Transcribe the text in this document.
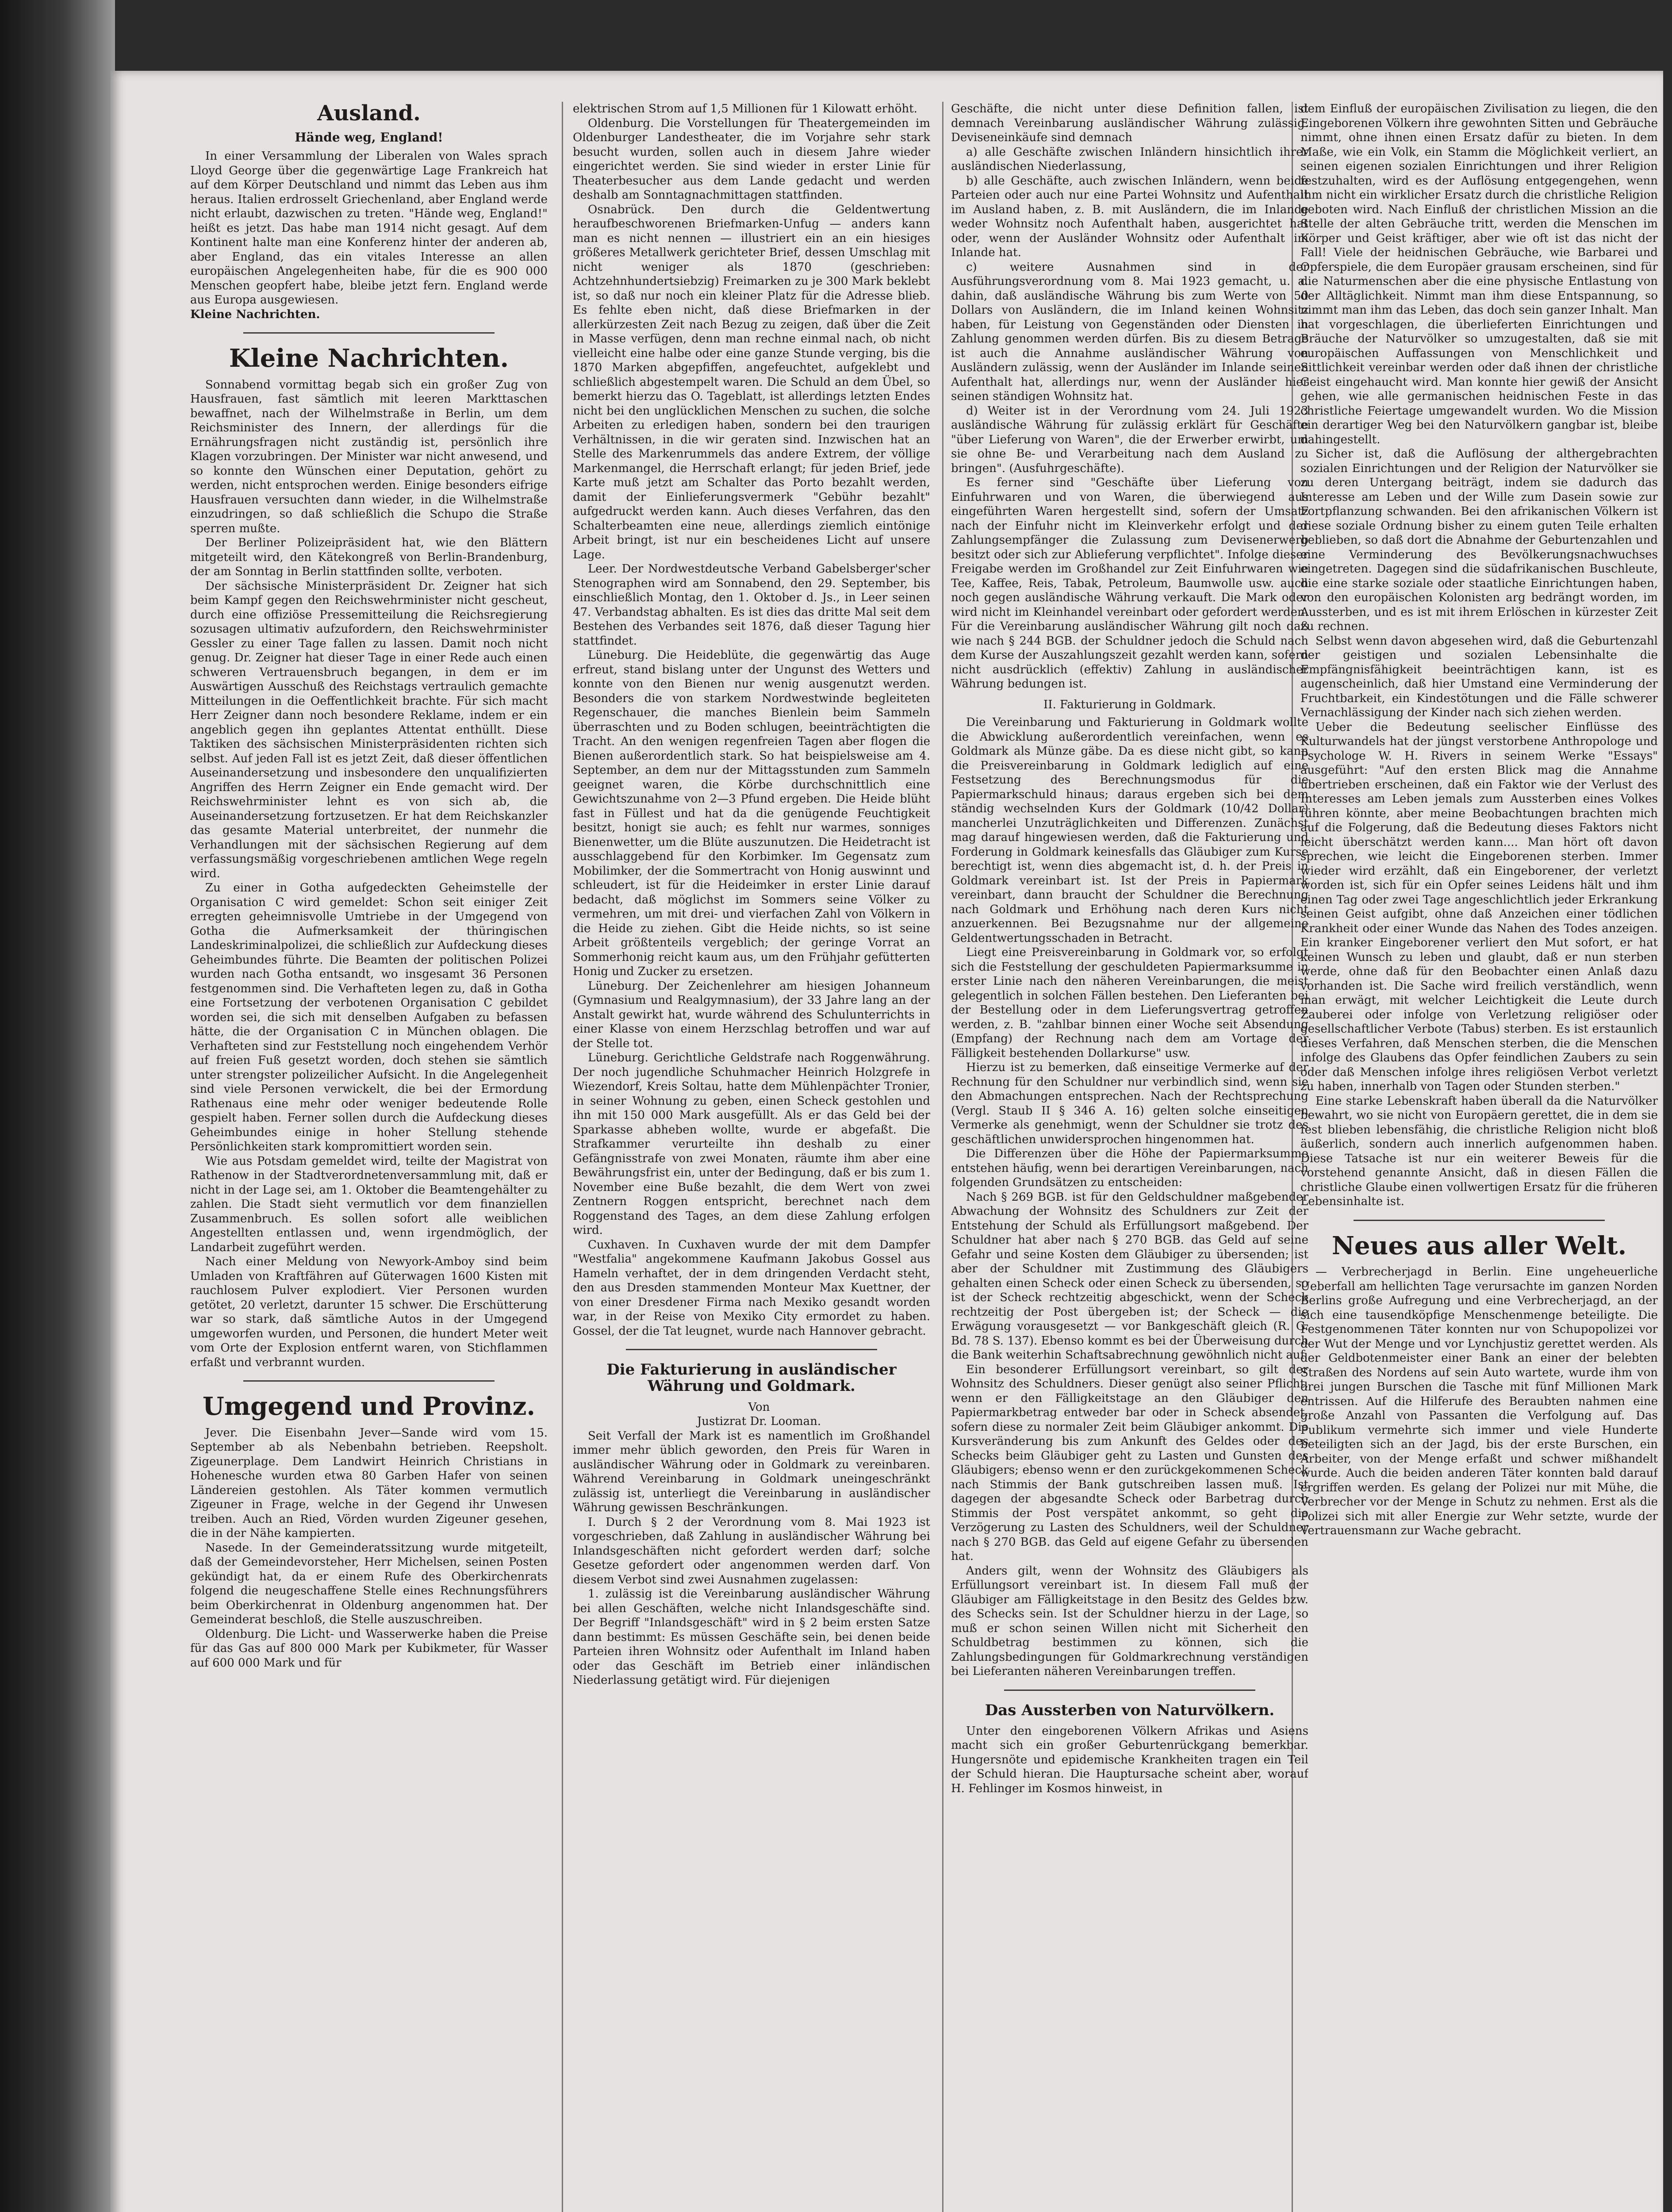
Ausland.
Hände weg, England!

In einer Versammlung der Liberalen von Wales sprach Lloyd George über die gegenwärtige Lage Frankreich hat auf dem Körper Deutschland und nimmt das Leben aus ihm heraus. Italien erdrosselt Griechenland, aber England werde nicht erlaubt, dazwischen zu treten. "Hände weg, England!" heißt es jetzt. Das habe man 1914 nicht gesagt. Auf dem Kontinent halte man eine Konferenz hinter der anderen ab, aber England, das ein vitales Interesse an allen europäischen Angelegenheiten habe, für die es 900 000 Menschen geopfert habe, bleibe jetzt fern. England werde aus Europa ausgewiesen.

Kleine Nachrichten.

Kleine Nachrichten.

Sonnabend vormittag begab sich ein großer Zug von Hausfrauen, fast sämtlich mit leeren Markttaschen bewaffnet, nach der Wilhelmstraße in Berlin, um dem Reichsminister des Innern, der allerdings für die Ernährungsfragen nicht zuständig ist, persönlich ihre Klagen vorzubringen. Der Minister war nicht anwesend, und so konnte den Wünschen einer Deputation, gehört zu werden, nicht entsprochen werden. Einige besonders eifrige Hausfrauen versuchten dann wieder, in die Wilhelmstraße einzudringen, so daß schließlich die Schupo die Straße sperren mußte.

Der Berliner Polizeipräsident hat, wie den Blättern mitgeteilt wird, den Kätekongreß von Berlin-Brandenburg, der am Sonntag in Berlin stattfinden sollte, verboten.

Der sächsische Ministerpräsident Dr. Zeigner hat sich beim Kampf gegen den Reichswehrminister nicht gescheut, durch eine offiziöse Pressemitteilung die Reichsregierung sozusagen ultimativ aufzufordern, den Reichswehrminister Gessler zu einer Tage fallen zu lassen. Damit noch nicht genug. Dr. Zeigner hat dieser Tage in einer Rede auch einen schweren Vertrauensbruch begangen, in dem er im Auswärtigen Ausschuß des Reichstags vertraulich gemachte Mitteilungen in die Oeffentlichkeit brachte. Für sich macht Herr Zeigner dann noch besondere Reklame, indem er ein angeblich gegen ihn geplantes Attentat enthüllt. Diese Taktiken des sächsischen Ministerpräsidenten richten sich selbst. Auf jeden Fall ist es jetzt Zeit, daß dieser öffentlichen Auseinandersetzung und insbesondere den unqualifizierten Angriffen des Herrn Zeigner ein Ende gemacht wird. Der Reichswehrminister lehnt es von sich ab, die Auseinandersetzung fortzusetzen. Er hat dem Reichskanzler das gesamte Material unterbreitet, der nunmehr die Verhandlungen mit der sächsischen Regierung auf dem verfassungsmäßig vorgeschriebenen amtlichen Wege regeln wird.

Zu einer in Gotha aufgedeckten Geheimstelle der Organisation C wird gemeldet: Schon seit einiger Zeit erregten geheimnisvolle Umtriebe in der Umgegend von Gotha die Aufmerksamkeit der thüringischen Landeskriminalpolizei, die schließlich zur Aufdeckung dieses Geheimbundes führte. Die Beamten der politischen Polizei wurden nach Gotha entsandt, wo insgesamt 36 Personen festgenommen sind. Die Verhafteten legen zu, daß in Gotha eine Fortsetzung der verbotenen Organisation C gebildet worden sei, die sich mit denselben Aufgaben zu befassen hätte, die der Organisation C in München oblagen. Die Verhafteten sind zur Feststellung noch eingehendem Verhör auf freien Fuß gesetzt worden, doch stehen sie sämtlich unter strengster polizeilicher Aufsicht. In die Angelegenheit sind viele Personen verwickelt, die bei der Ermordung Rathenaus eine mehr oder weniger bedeutende Rolle gespielt haben. Ferner sollen durch die Aufdeckung dieses Geheimbundes einige in hoher Stellung stehende Persönlichkeiten stark kompromittiert worden sein.

Wie aus Potsdam gemeldet wird, teilte der Magistrat von Rathenow in der Stadtverordnetenversammlung mit, daß er nicht in der Lage sei, am 1. Oktober die Beamtengehälter zu zahlen. Die Stadt sieht vermutlich vor dem finanziellen Zusammenbruch. Es sollen sofort alle weiblichen Angestellten entlassen und, wenn irgendmöglich, der Landarbeit zugeführt werden.

Nach einer Meldung von Newyork-Amboy sind beim Umladen von Kraftfähren auf Güterwagen 1600 Kisten mit rauchlosem Pulver explodiert. Vier Personen wurden getötet, 20 verletzt, darunter 15 schwer. Die Erschütterung war so stark, daß sämtliche Autos in der Umgegend umgeworfen wurden, und Personen, die hundert Meter weit vom Orte der Explosion entfernt waren, von Stichflammen erfaßt und verbrannt wurden.

Umgegend und Provinz.

Jever. Die Eisenbahn Jever—Sande wird vom 15. September ab als Nebenbahn betrieben. Reepsholt. Zigeunerplage. Dem Landwirt Heinrich Christians in Hohenesche wurden etwa 80 Garben Hafer von seinen Ländereien gestohlen. Als Täter kommen vermutlich Zigeuner in Frage, welche in der Gegend ihr Unwesen treiben. Auch an Ried, Vörden wurden Zigeuner gesehen, die in der Nähe kampierten.

Nasede. In der Gemeinderatssitzung wurde mitgeteilt, daß der Gemeindevorsteher, Herr Michelsen, seinen Posten gekündigt hat, da er einem Rufe des Oberkirchenrats folgend die neugeschaffene Stelle eines Rechnungsführers beim Oberkirchenrat in Oldenburg angenommen hat. Der Gemeinderat beschloß, die Stelle auszuschreiben.

Oldenburg. Die Licht- und Wasserwerke haben die Preise für das Gas auf 800 000 Mark per Kubikmeter, für Wasser auf 600 000 Mark und für

elektrischen Strom auf 1,5 Millionen für 1 Kilowatt erhöht.

Oldenburg. Die Vorstellungen für Theatergemeinden im Oldenburger Landestheater, die im Vorjahre sehr stark besucht wurden, sollen auch in diesem Jahre wieder eingerichtet werden. Sie sind wieder in erster Linie für Theaterbesucher aus dem Lande gedacht und werden deshalb am Sonntagnachmittagen stattfinden.

Osnabrück. Den durch die Geldentwertung heraufbeschworenen Briefmarken-Unfug — anders kann man es nicht nennen — illustriert ein an ein hiesiges größeres Metallwerk gerichteter Brief, dessen Umschlag mit nicht weniger als 1870 (geschrieben: Achtzehnhundertsiebzig) Freimarken zu je 300 Mark beklebt ist, so daß nur noch ein kleiner Platz für die Adresse blieb. Es fehlte eben nicht, daß diese Briefmarken in der allerkürzesten Zeit nach Bezug zu zeigen, daß über die Zeit in Masse verfügen, denn man rechne einmal nach, ob nicht vielleicht eine halbe oder eine ganze Stunde verging, bis die 1870 Marken abgepfiffen, angefeuchtet, aufgeklebt und schließlich abgestempelt waren. Die Schuld an dem Übel, so bemerkt hierzu das O. Tageblatt, ist allerdings letzten Endes nicht bei den unglücklichen Menschen zu suchen, die solche Arbeiten zu erledigen haben, sondern bei den traurigen Verhältnissen, in die wir geraten sind. Inzwischen hat an Stelle des Markenrummels das andere Extrem, der völlige Markenmangel, die Herrschaft erlangt; für jeden Brief, jede Karte muß jetzt am Schalter das Porto bezahlt werden, damit der Einlieferungsvermerk "Gebühr bezahlt" aufgedruckt werden kann. Auch dieses Verfahren, das den Schalterbeamten eine neue, allerdings ziemlich eintönige Arbeit bringt, ist nur ein bescheidenes Licht auf unsere Lage.

Leer. Der Nordwestdeutsche Verband Gabelsberger'scher Stenographen wird am Sonnabend, den 29. September, bis einschließlich Montag, den 1. Oktober d. Js., in Leer seinen 47. Verbandstag abhalten. Es ist dies das dritte Mal seit dem Bestehen des Verbandes seit 1876, daß dieser Tagung hier stattfindet.

Lüneburg. Die Heideblüte, die gegenwärtig das Auge erfreut, stand bislang unter der Ungunst des Wetters und konnte von den Bienen nur wenig ausgenutzt werden. Besonders die von starkem Nordwestwinde begleiteten Regenschauer, die manches Bienlein beim Sammeln überraschten und zu Boden schlugen, beeinträchtigten die Tracht. An den wenigen regenfreien Tagen aber flogen die Bienen außerordentlich stark. So hat beispielsweise am 4. September, an dem nur der Mittagsstunden zum Sammeln geeignet waren, die Körbe durchschnittlich eine Gewichtszunahme von 2—3 Pfund ergeben. Die Heide blüht fast in Füllest und hat da die genügende Feuchtigkeit besitzt, honigt sie auch; es fehlt nur warmes, sonniges Bienenwetter, um die Blüte auszunutzen. Die Heidetracht ist ausschlaggebend für den Korbimker. Im Gegensatz zum Mobilimker, der die Sommertracht von Honig auswinnt und schleudert, ist für die Heideimker in erster Linie darauf bedacht, daß möglichst im Sommers seine Völker zu vermehren, um mit drei- und vierfachen Zahl von Völkern in die Heide zu ziehen. Gibt die Heide nichts, so ist seine Arbeit größtenteils vergeblich; der geringe Vorrat an Sommerhonig reicht kaum aus, um den Frühjahr gefütterten Honig und Zucker zu ersetzen.

Lüneburg. Der Zeichenlehrer am hiesigen Johanneum (Gymnasium und Realgymnasium), der 33 Jahre lang an der Anstalt gewirkt hat, wurde während des Schulunterrichts in einer Klasse von einem Herzschlag betroffen und war auf der Stelle tot.

Lüneburg. Gerichtliche Geldstrafe nach Roggenwährung. Der noch jugendliche Schuhmacher Heinrich Holzgrefe in Wiezendorf, Kreis Soltau, hatte dem Mühlenpächter Tronier, in seiner Wohnung zu geben, einen Scheck gestohlen und ihn mit 150 000 Mark ausgefüllt. Als er das Geld bei der Sparkasse abheben wollte, wurde er abgefaßt. Die Strafkammer verurteilte ihn deshalb zu einer Gefängnisstrafe von zwei Monaten, räumte ihm aber eine Bewährungsfrist ein, unter der Bedingung, daß er bis zum 1. November eine Buße bezahlt, die dem Wert von zwei Zentnern Roggen entspricht, berechnet nach dem Roggenstand des Tages, an dem diese Zahlung erfolgen wird.

Cuxhaven. In Cuxhaven wurde der mit dem Dampfer "Westfalia" angekommene Kaufmann Jakobus Gossel aus Hameln verhaftet, der in dem dringenden Verdacht steht, den aus Dresden stammenden Monteur Max Kuettner, der von einer Dresdener Firma nach Mexiko gesandt worden war, in der Reise von Mexiko City ermordet zu haben. Gossel, der die Tat leugnet, wurde nach Hannover gebracht.

Die Fakturierung in ausländischer Währung und Goldmark.

Von

Justizrat Dr. Looman.

Seit Verfall der Mark ist es namentlich im Großhandel immer mehr üblich geworden, den Preis für Waren in ausländischer Währung oder in Goldmark zu vereinbaren. Während Vereinbarung in Goldmark uneingeschränkt zulässig ist, unterliegt die Vereinbarung in ausländischer Währung gewissen Beschränkungen.

I. Durch § 2 der Verordnung vom 8. Mai 1923 ist vorgeschrieben, daß Zahlung in ausländischer Währung bei Inlandsgeschäften nicht gefordert werden darf; solche Gesetze gefordert oder angenommen werden darf. Von diesem Verbot sind zwei Ausnahmen zugelassen:

1. zulässig ist die Vereinbarung ausländischer Währung bei allen Geschäften, welche nicht Inlandsgeschäfte sind. Der Begriff "Inlandsgeschäft" wird in § 2 beim ersten Satze dann bestimmt: Es müssen Geschäfte sein, bei denen beide Parteien ihren Wohnsitz oder Aufenthalt im Inland haben oder das Geschäft im Betrieb einer inländischen Niederlassung getätigt wird. Für diejenigen

Geschäfte, die nicht unter diese Definition fallen, ist demnach Vereinbarung ausländischer Währung zulässig. Deviseneinkäufe sind demnach

a) alle Geschäfte zwischen Inländern hinsichtlich ihrer ausländischen Niederlassung,

b) alle Geschäfte, auch zwischen Inländern, wenn beide Parteien oder auch nur eine Partei Wohnsitz und Aufenthalt im Ausland haben, z. B. mit Ausländern, die im Inlande weder Wohnsitz noch Aufenthalt haben, ausgerichtet hat oder, wenn der Ausländer Wohnsitz oder Aufenthalt im Inlande hat.

c) weitere Ausnahmen sind in der Ausführungsverordnung vom 8. Mai 1923 gemacht, u. a. dahin, daß ausländische Währung bis zum Werte von 50 Dollars von Ausländern, die im Inland keinen Wohnsitz haben, für Leistung von Gegenständen oder Diensten in Zahlung genommen werden dürfen. Bis zu diesem Betrage ist auch die Annahme ausländischer Währung von Ausländern zulässig, wenn der Ausländer im Inlande seinen Aufenthalt hat, allerdings nur, wenn der Ausländer hier seinen ständigen Wohnsitz hat.

d) Weiter ist in der Verordnung vom 24. Juli 1923 ausländische Währung für zulässig erklärt für Geschäfte "über Lieferung von Waren", die der Erwerber erwirbt, um sie ohne Be- und Verarbeitung nach dem Ausland zu bringen". (Ausfuhrgeschäfte).

Es ferner sind "Geschäfte über Lieferung von Einfuhrwaren und von Waren, die überwiegend aus eingeführten Waren hergestellt sind, sofern der Umsatz nach der Einfuhr nicht im Kleinverkehr erfolgt und der Zahlungsempfänger die Zulassung zum Devisenerwerb besitzt oder sich zur Ablieferung verpflichtet". Infolge dieser Freigabe werden im Großhandel zur Zeit Einfuhrwaren wie Tee, Kaffee, Reis, Tabak, Petroleum, Baumwolle usw. auch noch gegen ausländische Währung verkauft. Die Mark oder wird nicht im Kleinhandel vereinbart oder gefordert werden. Für die Vereinbarung ausländischer Währung gilt noch daß wie nach § 244 BGB. der Schuldner jedoch die Schuld nach dem Kurse der Auszahlungszeit gezahlt werden kann, sofern nicht ausdrücklich (effektiv) Zahlung in ausländischer Währung bedungen ist.

II. Fakturierung in Goldmark.

Die Vereinbarung und Fakturierung in Goldmark wollte die Abwicklung außerordentlich vereinfachen, wenn es Goldmark als Münze gäbe. Da es diese nicht gibt, so kann die Preisvereinbarung in Goldmark lediglich auf eine Festsetzung des Berechnungsmodus für die Papiermarkschuld hinaus; daraus ergeben sich bei dem ständig wechselnden Kurs der Goldmark (10/42 Dollar) mancherlei Unzuträglichkeiten und Differenzen. Zunächst mag darauf hingewiesen werden, daß die Fakturierung und Forderung in Goldmark keinesfalls das Gläubiger zum Kurse berechtigt ist, wenn dies abgemacht ist, d. h. der Preis in Goldmark vereinbart ist. Ist der Preis in Papiermark vereinbart, dann braucht der Schuldner die Berechnung nach Goldmark und Erhöhung nach deren Kurs nicht anzuerkennen. Bei Bezugsnahme nur der allgemeine Geldentwertungsschaden in Betracht.

Liegt eine Preisvereinbarung in Goldmark vor, so erfolgt sich die Feststellung der geschuldeten Papiermarksumme in erster Linie nach den näheren Vereinbarungen, die meist gelegentlich in solchen Fällen bestehen. Den Lieferanten bei der Bestellung oder in dem Lieferungsvertrag getroffen werden, z. B. "zahlbar binnen einer Woche seit Absendung (Empfang) der Rechnung nach dem am Vortage der Fälligkeit bestehenden Dollarkurse" usw.

Hierzu ist zu bemerken, daß einseitige Vermerke auf der Rechnung für den Schuldner nur verbindlich sind, wenn sie den Abmachungen entsprechen. Nach der Rechtsprechung (Vergl. Staub II § 346 A. 16) gelten solche einseitigen Vermerke als genehmigt, wenn der Schuldner sie trotz des geschäftlichen unwidersprochen hingenommen hat.

Die Differenzen über die Höhe der Papiermarksumme entstehen häufig, wenn bei derartigen Vereinbarungen, nach folgenden Grundsätzen zu entscheiden:

Nach § 269 BGB. ist für den Geldschuldner maßgebender Abwachung der Wohnsitz des Schuldners zur Zeit der Entstehung der Schuld als Erfüllungsort maßgebend. Der Schuldner hat aber nach § 270 BGB. das Geld auf seine Gefahr und seine Kosten dem Gläubiger zu übersenden; ist aber der Schuldner mit Zustimmung des Gläubigers gehalten einen Scheck oder einen Scheck zu übersenden, so ist der Scheck rechtzeitig abgeschickt, wenn der Scheck rechtzeitig der Post übergeben ist; der Scheck — die Erwägung vorausgesetzt — vor Bankgeschäft gleich (R. G. Bd. 78 S. 137). Ebenso kommt es bei der Überweisung durch die Bank weiterhin Schaftsabrechnung gewöhnlich nicht auf.

Ein besonderer Erfüllungsort vereinbart, so gilt der Wohnsitz des Schuldners. Dieser genügt also seiner Pflicht, wenn er den Fälligkeitstage an den Gläubiger den Papiermarkbetrag entweder bar oder in Scheck absendet, sofern diese zu normaler Zeit beim Gläubiger ankommt. Die Kursveränderung bis zum Ankunft des Geldes oder des Schecks beim Gläubiger geht zu Lasten und Gunsten des Gläubigers; ebenso wenn er den zurückgekommenen Scheck nach Stimmis der Bank gutschreiben lassen muß. Ist dagegen der abgesandte Scheck oder Barbetrag durch Stimmis der Post verspätet ankommt, so geht die Verzögerung zu Lasten des Schuldners, weil der Schuldner nach § 270 BGB. das Geld auf eigene Gefahr zu übersenden hat.

Anders gilt, wenn der Wohnsitz des Gläubigers als Erfüllungsort vereinbart ist. In diesem Fall muß der Gläubiger am Fälligkeitstage in den Besitz des Geldes bzw. des Schecks sein. Ist der Schuldner hierzu in der Lage, so muß er schon seinen Willen nicht mit Sicherheit den Schuldbetrag bestimmen zu können, sich die Zahlungsbedingungen für Goldmarkrechnung verständigen bei Lieferanten näheren Vereinbarungen treffen.

Das Aussterben von Naturvölkern.

Unter den eingeborenen Völkern Afrikas und Asiens macht sich ein großer Geburtenrückgang bemerkbar. Hungersnöte und epidemische Krankheiten tragen ein Teil der Schuld hieran. Die Hauptursache scheint aber, worauf H. Fehlinger im Kosmos hinweist, in

dem Einfluß der europäischen Zivilisation zu liegen, die den Eingeborenen Völkern ihre gewohnten Sitten und Gebräuche nimmt, ohne ihnen einen Ersatz dafür zu bieten. In dem Maße, wie ein Volk, ein Stamm die Möglichkeit verliert, an seinen eigenen sozialen Einrichtungen und ihrer Religion festzuhalten, wird es der Auflösung entgegengehen, wenn ihm nicht ein wirklicher Ersatz durch die christliche Religion geboten wird. Nach Einfluß der christlichen Mission an die Stelle der alten Gebräuche tritt, werden die Menschen im Körper und Geist kräftiger, aber wie oft ist das nicht der Fall! Viele der heidnischen Gebräuche, wie Barbarei und Opferspiele, die dem Europäer grausam erscheinen, sind für die Naturmenschen aber die eine physische Entlastung von der Alltäglichkeit. Nimmt man ihm diese Entspannung, so nimmt man ihm das Leben, das doch sein ganzer Inhalt. Man hat vorgeschlagen, die überlieferten Einrichtungen und Bräuche der Naturvölker so umzugestalten, daß sie mit europäischen Auffassungen von Menschlichkeit und Sittlichkeit vereinbar werden oder daß ihnen der christliche Geist eingehaucht wird. Man konnte hier gewiß der Ansicht gehen, wie alle germanischen heidnischen Feste in das christliche Feiertage umgewandelt wurden. Wo die Mission ein derartiger Weg bei den Naturvölkern gangbar ist, bleibe dahingestellt.

Sicher ist, daß die Auflösung der althergebrachten sozialen Einrichtungen und der Religion der Naturvölker sie zu deren Untergang beiträgt, indem sie dadurch das Interesse am Leben und der Wille zum Dasein sowie zur Fortpflanzung schwanden. Bei den afrikanischen Völkern ist diese soziale Ordnung bisher zu einem guten Teile erhalten geblieben, so daß dort die Abnahme der Geburtenzahlen und eine Verminderung des Bevölkerungsnachwuchses eingetreten. Dagegen sind die südafrikanischen Buschleute, die eine starke soziale oder staatliche Einrichtungen haben, von den europäischen Kolonisten arg bedrängt worden, im Aussterben, und es ist mit ihrem Erlöschen in kürzester Zeit zu rechnen.

Selbst wenn davon abgesehen wird, daß die Geburtenzahl der geistigen und sozialen Lebensinhalte die Empfängnisfähigkeit beeinträchtigen kann, ist es augenscheinlich, daß hier Umstand eine Verminderung der Fruchtbarkeit, ein Kindestötungen und die Fälle schwerer Vernachlässigung der Kinder nach sich ziehen werden.

Ueber die Bedeutung seelischer Einflüsse des Kulturwandels hat der jüngst verstorbene Anthropologe und Psychologe W. H. Rivers in seinem Werke "Essays" ausgeführt: "Auf den ersten Blick mag die Annahme übertrieben erscheinen, daß ein Faktor wie der Verlust des Interesses am Leben jemals zum Aussterben eines Volkes führen könnte, aber meine Beobachtungen brachten mich auf die Folgerung, daß die Bedeutung dieses Faktors nicht leicht überschätzt werden kann.... Man hört oft davon sprechen, wie leicht die Eingeborenen sterben. Immer wieder wird erzählt, daß ein Eingeborener, der verletzt worden ist, sich für ein Opfer seines Leidens hält und ihm einen Tag oder zwei Tage angeschlichtlich jeder Erkrankung seinen Geist aufgibt, ohne daß Anzeichen einer tödlichen Krankheit oder einer Wunde das Nahen des Todes anzeigen. Ein kranker Eingeborener verliert den Mut sofort, er hat keinen Wunsch zu leben und glaubt, daß er nun sterben werde, ohne daß für den Beobachter einen Anlaß dazu vorhanden ist. Die Sache wird freilich verständlich, wenn man erwägt, mit welcher Leichtigkeit die Leute durch Zauberei oder infolge von Verletzung religiöser oder gesellschaftlicher Verbote (Tabus) sterben. Es ist erstaunlich dieses Verfahren, daß Menschen sterben, die die Menschen infolge des Glaubens das Opfer feindlichen Zaubers zu sein oder daß Menschen infolge ihres religiösen Verbot verletzt zu haben, innerhalb von Tagen oder Stunden sterben."

Eine starke Lebenskraft haben überall da die Naturvölker bewahrt, wo sie nicht von Europäern gerettet, die in dem sie fest blieben lebensfähig, die christliche Religion nicht bloß äußerlich, sondern auch innerlich aufgenommen haben. Diese Tatsache ist nur ein weiterer Beweis für die vorstehend genannte Ansicht, daß in diesen Fällen die christliche Glaube einen vollwertigen Ersatz für die früheren Lebensinhalte ist.

Neues aus aller Welt.

— Verbrecherjagd in Berlin. Eine ungeheuerliche Ueberfall am hellichten Tage verursachte im ganzen Norden Berlins große Aufregung und eine Verbrecherjagd, an der sich eine tausendköpfige Menschenmenge beteiligte. Die Festgenommenen Täter konnten nur von Schupopolizei vor der Wut der Menge und vor Lynchjustiz gerettet werden. Als der Geldbotenmeister einer Bank an einer der belebten Straßen des Nordens auf sein Auto wartete, wurde ihm von drei jungen Burschen die Tasche mit fünf Millionen Mark entrissen. Auf die Hilferufe des Beraubten nahmen eine große Anzahl von Passanten die Verfolgung auf. Das Publikum vermehrte sich immer und viele Hunderte beteiligten sich an der Jagd, bis der erste Burschen, ein Arbeiter, von der Menge erfaßt und schwer mißhandelt wurde. Auch die beiden anderen Täter konnten bald darauf ergriffen werden. Es gelang der Polizei nur mit Mühe, die Verbrecher vor der Menge in Schutz zu nehmen. Erst als die Polizei sich mit aller Energie zur Wehr setzte, wurde der Vertrauensmann zur Wache gebracht.
